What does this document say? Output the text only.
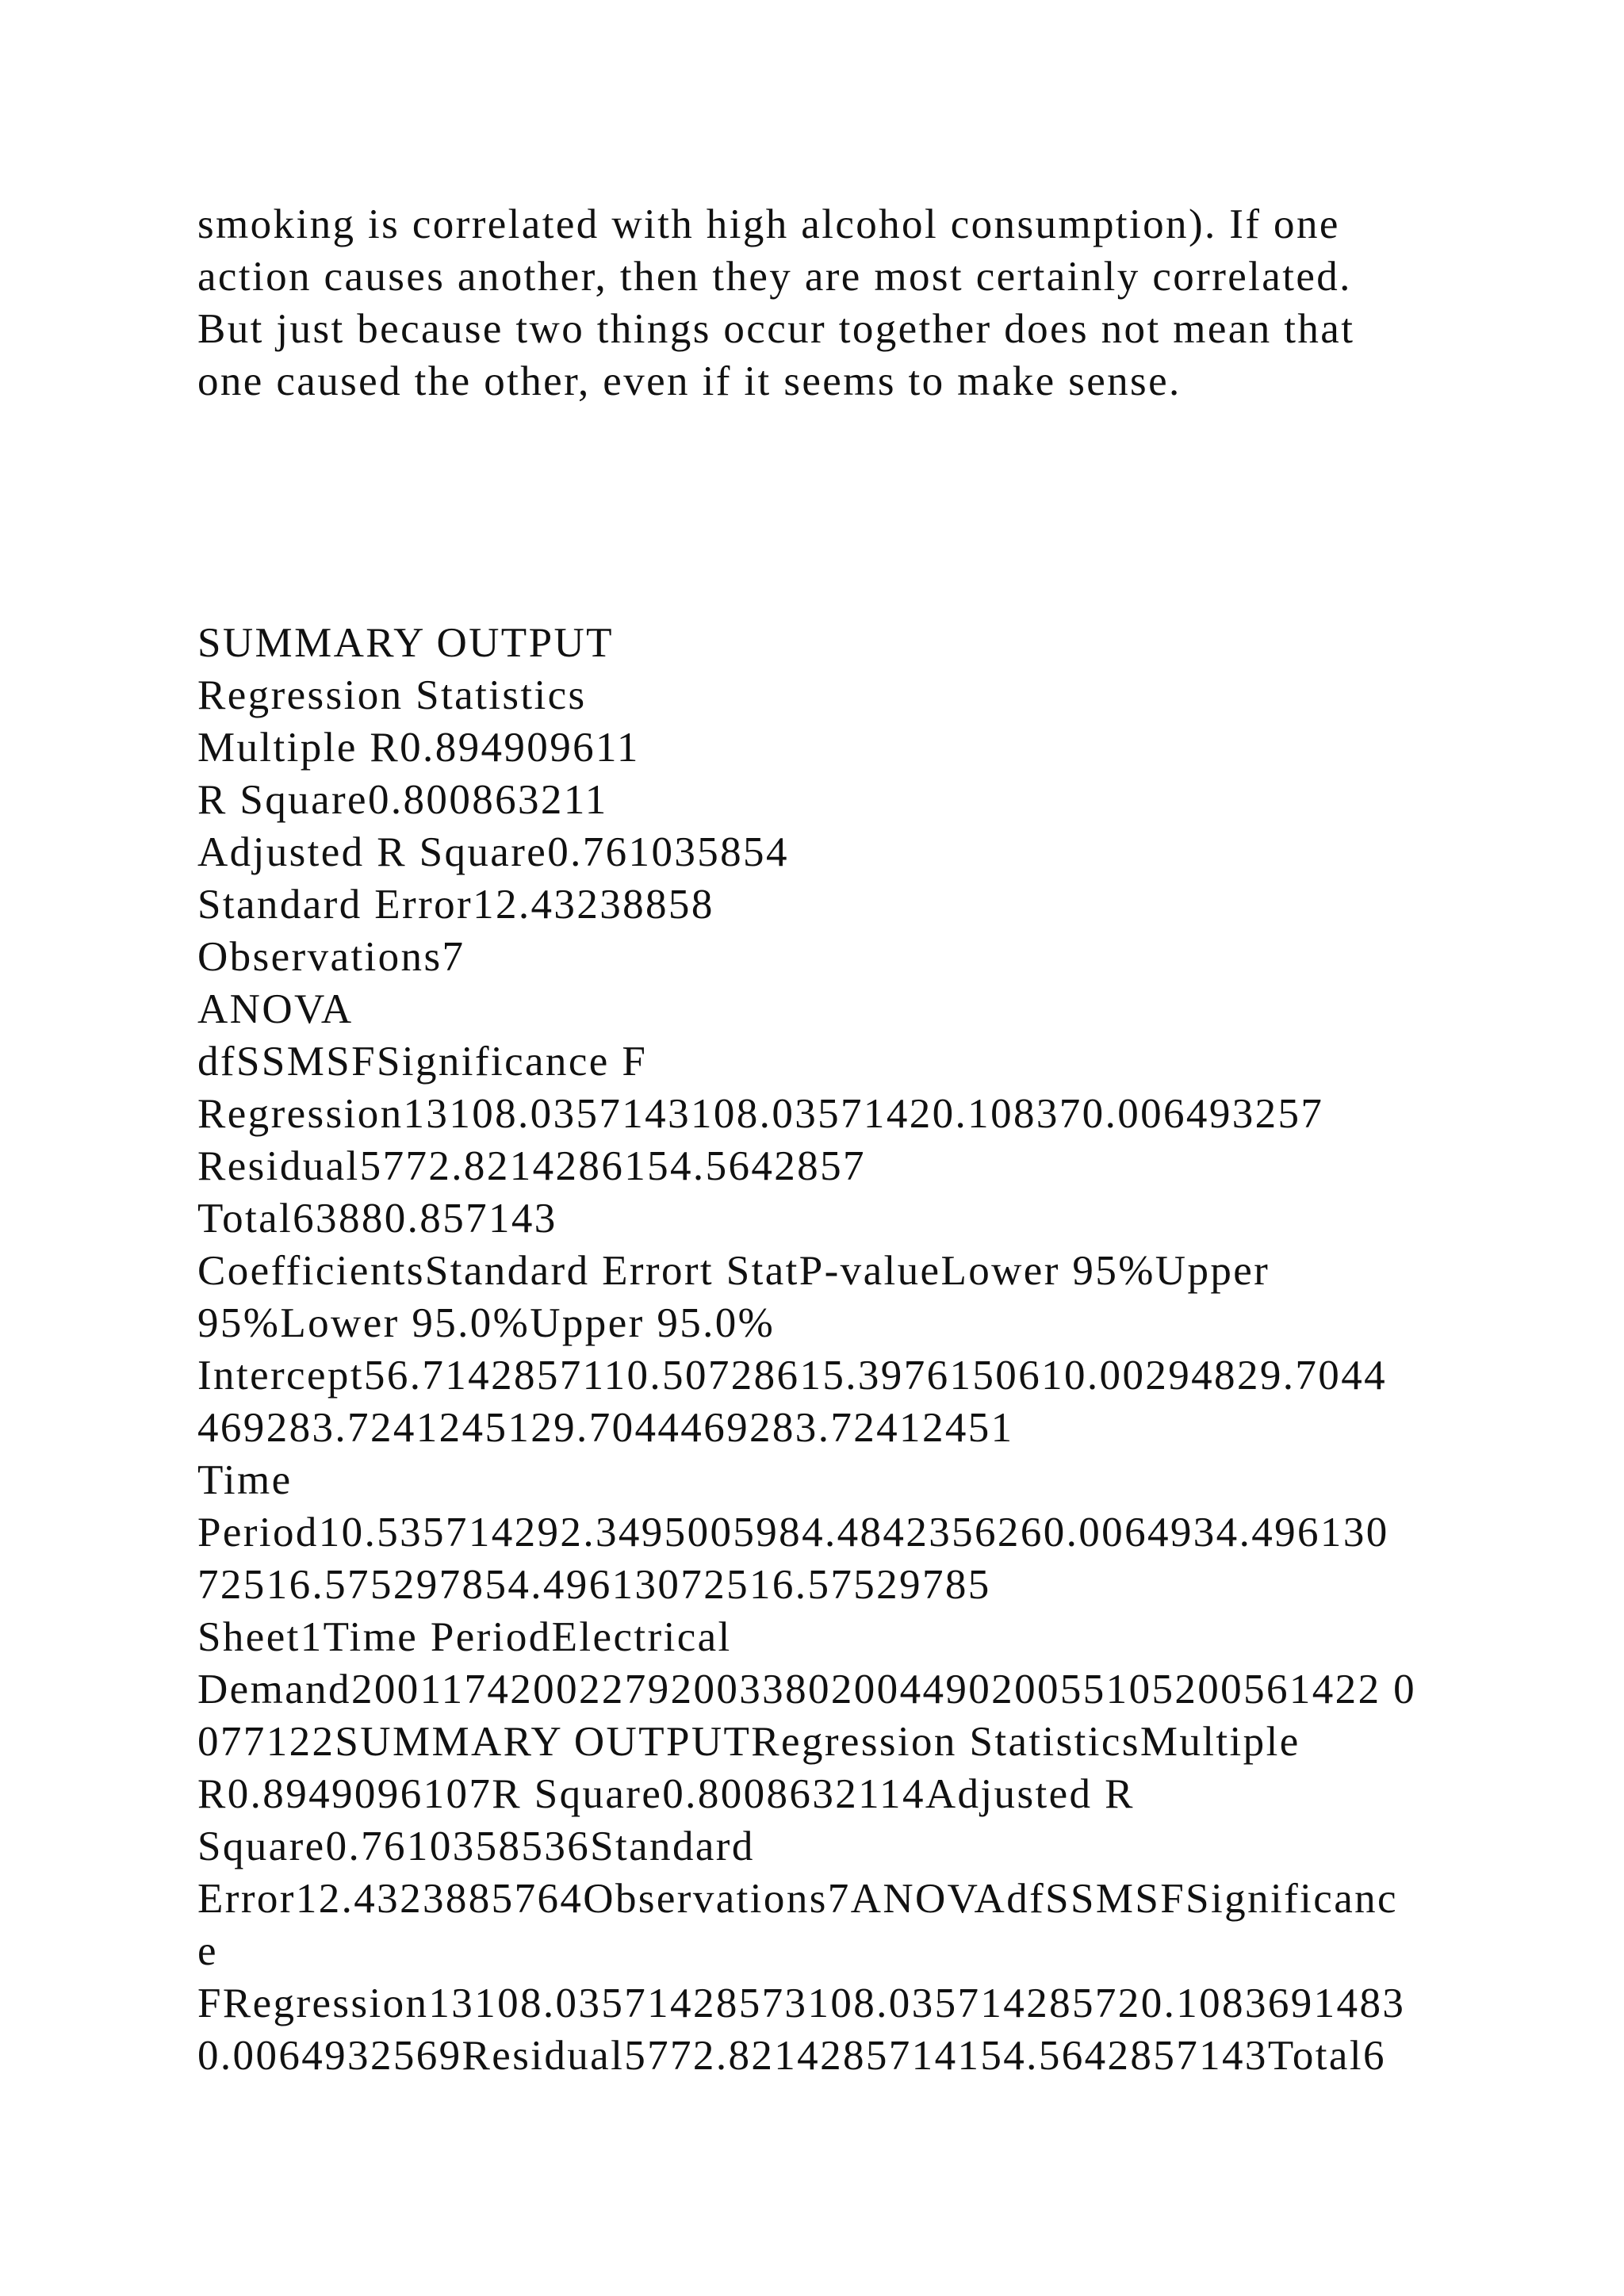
smoking is correlated with high alcohol consumption). If one
action causes another, then they are most certainly correlated.
But just because two things occur together does not mean that
one caused the other, even if it seems to make sense.
SUMMARY OUTPUT
Regression Statistics
Multiple R0.894909611
R Square0.800863211
Adjusted R Square0.761035854
Standard Error12.43238858
Observations7
ANOVA
dfSSMSFSignificance F
Regression13108.0357143108.03571420.108370.006493257
Residual5772.8214286154.5642857
Total63880.857143
CoefficientsStandard Errort StatP-valueLower 95%Upper
95%Lower 95.0%Upper 95.0%
Intercept56.7142857110.50728615.3976150610.00294829.7044
469283.7241245129.7044469283.72412451
Time
Period10.535714292.3495005984.4842356260.0064934.496130
72516.575297854.49613072516.57529785
Sheet1Time PeriodElectrical
Demand200117420022792003380200449020055105200561422 0
077122SUMMARY OUTPUTRegression StatisticsMultiple
R0.8949096107R Square0.8008632114Adjusted R
Square0.7610358536Standard
Error12.4323885764Observations7ANOVAdfSSMSFSignificanc
e
FRegression13108.03571428573108.035714285720.1083691483
0.0064932569Residual5772.8214285714154.5642857143Total6
